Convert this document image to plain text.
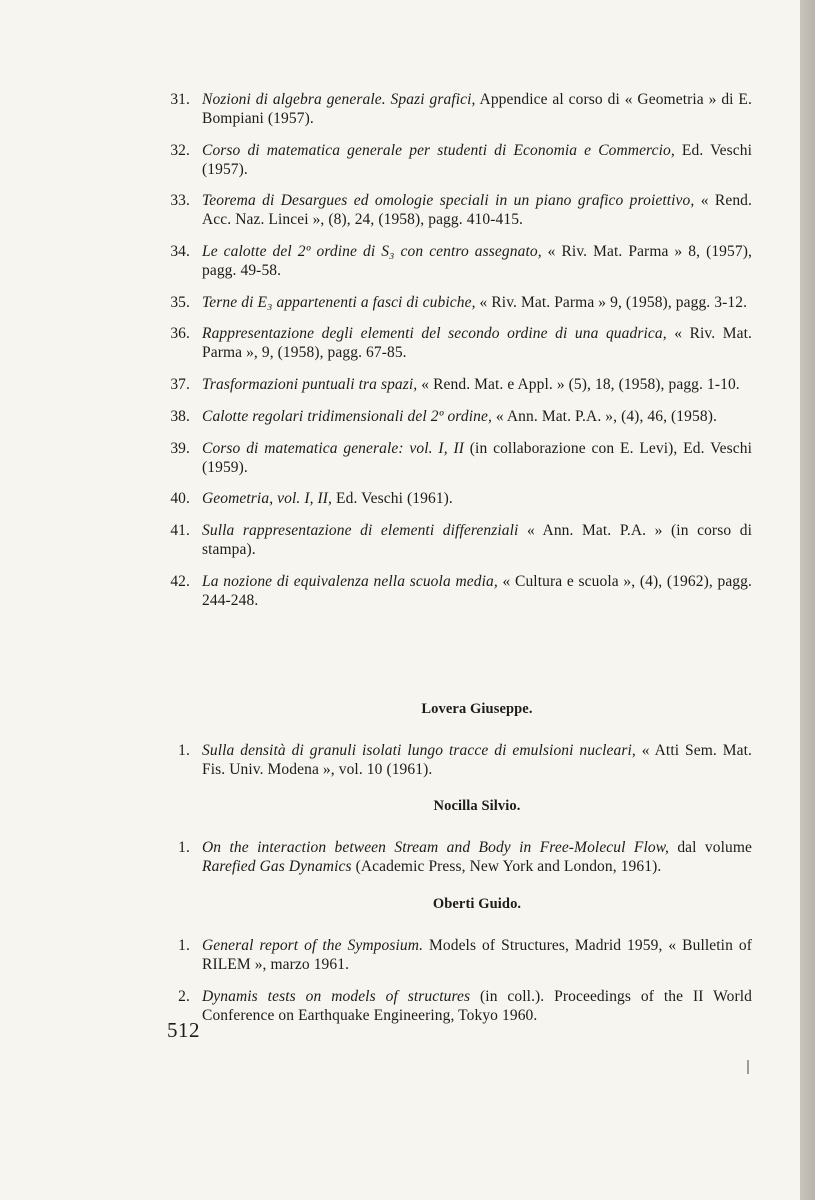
31. Nozioni di algebra generale. Spazi grafici, Appendice al corso di « Geometria » di E. Bompiani (1957).
32. Corso di matematica generale per studenti di Economia e Commercio, Ed. Veschi (1957).
33. Teorema di Desargues ed omologie speciali in un piano grafico proiettivo, « Rend. Acc. Naz. Lincei », (8), 24, (1958), pagg. 410-415.
34. Le calotte del 2º ordine di S₃ con centro assegnato, « Riv. Mat. Parma » 8, (1957), pagg. 49-58.
35. Terne di E₃ appartenenti a fasci di cubiche, « Riv. Mat. Parma » 9, (1958), pagg. 3-12.
36. Rappresentazione degli elementi del secondo ordine di una quadrica, « Riv. Mat. Parma », 9, (1958), pagg. 67-85.
37. Trasformazioni puntuali tra spazi, « Rend. Mat. e Appl. » (5), 18, (1958), pagg. 1-10.
38. Calotte regolari tridimensionali del 2º ordine, « Ann. Mat. P.A. », (4), 46, (1958).
39. Corso di matematica generale: vol. I, II (in collaborazione con E. Levi), Ed. Veschi (1959).
40. Geometria, vol. I, II, Ed. Veschi (1961).
41. Sulla rappresentazione di elementi differenziali « Ann. Mat. P.A. » (in corso di stampa).
42. La nozione di equivalenza nella scuola media, « Cultura e scuola », (4), (1962), pagg. 244-248.

Lovera Giuseppe.

1. Sulla densità di granuli isolati lungo tracce di emulsioni nucleari, « Atti Sem. Mat. Fis. Univ. Modena », vol. 10 (1961).

Nocilla Silvio.

1. On the interaction between Stream and Body in Free-Molecul Flow, dal volume Rarefied Gas Dynamics (Academic Press, New York and London, 1961).

Oberti Guido.

1. General report of the Symposium. Models of Structures, Madrid 1959, « Bulletin of RILEM », marzo 1961.
2. Dynamis tests on models of structures (in coll.). Proceedings of the II World Conference on Earthquake Engineering, Tokyo 1960.
512
